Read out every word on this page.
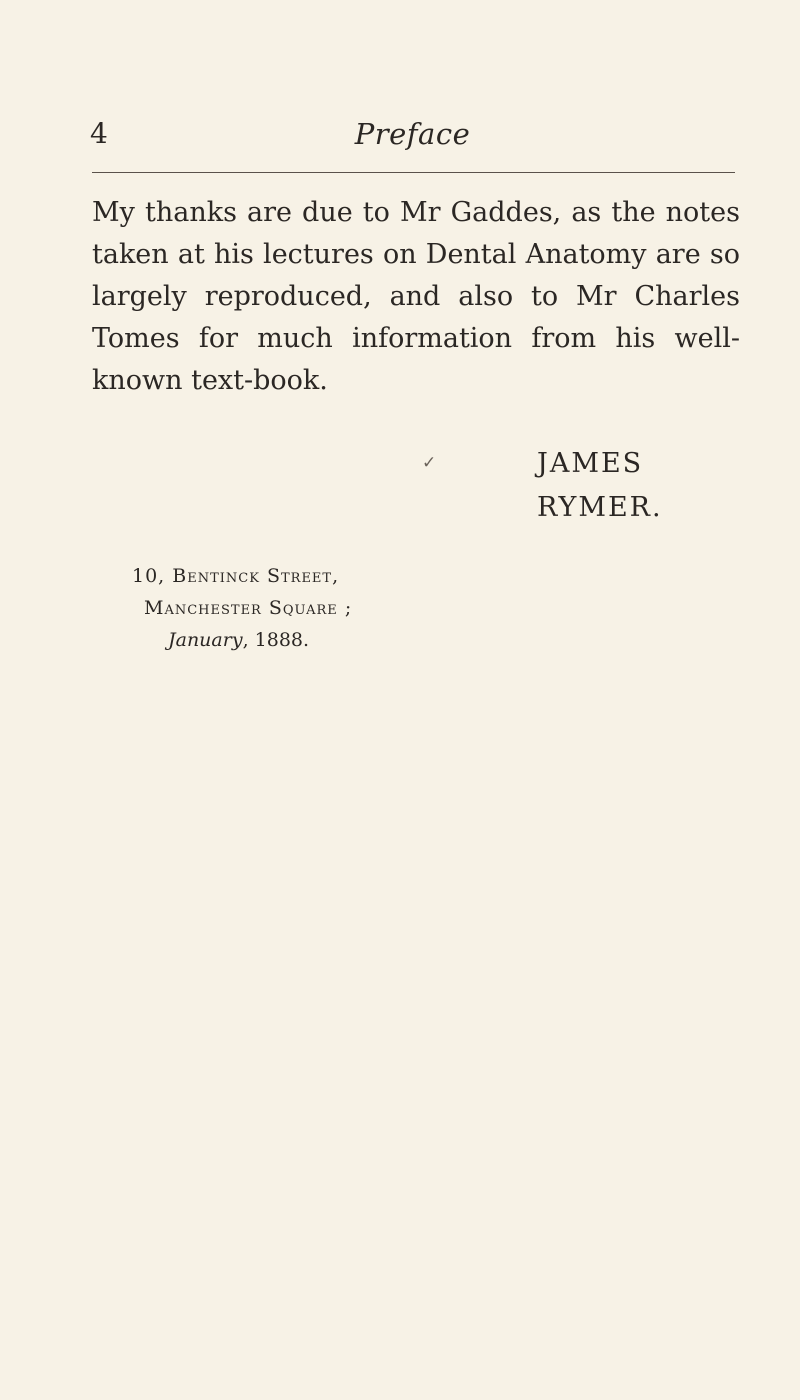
4	Preface

My thanks are due to Mr Gaddes, as the notes taken at his lectures on Dental Anatomy are so largely reproduced, and also to Mr Charles Tomes for much information from his well-known text-book.

✓	JAMES RYMER.
10, Bentinck Street,
Manchester Square ;
January, 1888.
